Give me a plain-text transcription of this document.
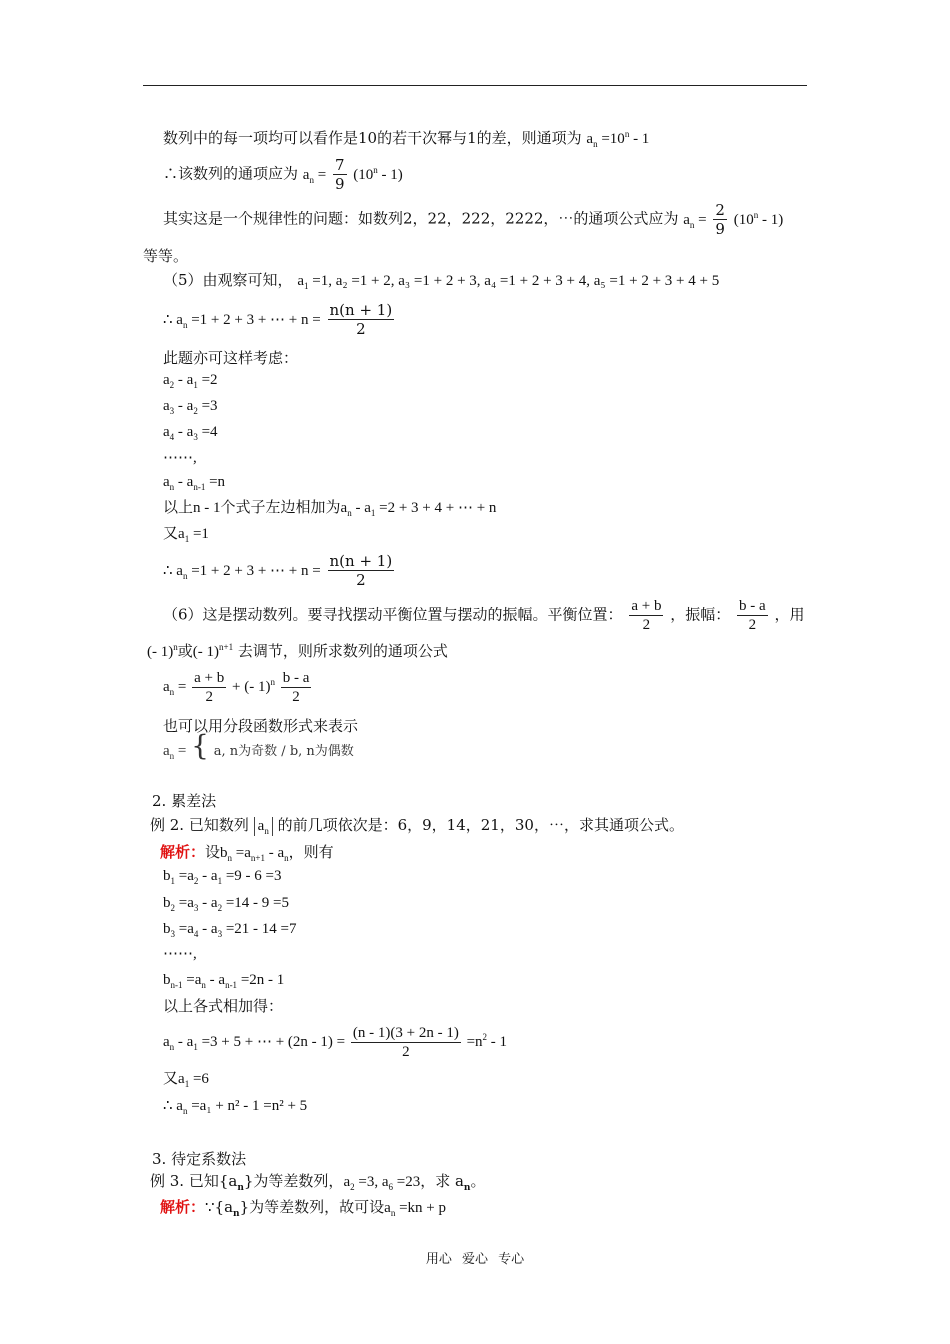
数列中的每一项均可以看作是10的若干次幂与1的差，则通项为 $a_n =10^n - 1$
∴该数列的通项应为 $a_n = \frac{7}{9} (10^n - 1)$
其实这是一个规律性的问题：如数列2，22，222，2222，⋯的通项公式应为 $a_n = \frac{2}{9} (10^n - 1)$
等等。
（5）由观察可知， $a_1 =1$, a₂ =1 + 2, a₃ =1 + 2 + 3, a₄ =1 + 2 + 3 + 4, a₅ =1 + 2 + 3 + 4 + 5
∴ $a_n =1 + 2 + 3$ + ⋯ + $n = \frac{n(n + 1)}{2}$
此题亦可这样考虑：
$a_2 - a_1 =2$
$a_3 - a_2 =3$
$a_4 - a_3 =4$
⋯⋯,
$a_n - a_{n-1} =n$
以上n - 1个式子左边相加为$a_n - a_1 =2 + 3 + 4$ + ⋯ + n
又$a_1 =1$
∴ $a_n =1 + 2 + 3$ + ⋯ + $n = \frac{n(n + 1)}{2}$
（6）这是摆动数列。要寻找摆动平衡位置与摆动的振幅。平衡位置： $\frac{a + b}{2}$ ，振幅： $\frac{b - a}{2}$ ，用
(- 1)$^n$或(- 1)$^{n+1}$ 去调节，则所求数列的通项公式
$a_n = \frac{a + b}{2}$ + (- $1)^n \frac{b - a}{2}$
也可以用分段函数形式来表示
$a_n$ = { a, n为奇数 / b, n为偶数
2. 累差法
例 2. 已知数列 $a_n$ 的前几项依次是：6，9，14，21，30，⋯，求其通项公式。
解析：设$b_n =a_{n+1} - a_n$，则有
$b_1 =a_2 - a_1 =9 - 6 =3$
$b_2 =a_3 - a_2 =14 - 9 =5$
$b_3 =a_4 - a_3 =21 - 14 =7$
⋯⋯,
$b_{n-1} =a_n - a_{n-1} =2n - 1$
以上各式相加得：
$a_n - a_1 =3 + 5$ + ⋯ + $(2n - 1) = \frac{(n - 1)(3 + 2n - 1)}{2} =n^2 - 1$
又$a_1 =6$
∴ $a_n =a_1 + n^2 - 1 =n^2 + 5$
3. 待定系数法
例 3. 已知$\{a_n\}$为等差数列，$a_2 =3$, $a_6 =23$，求 $a_n$。
解析：$\because\{a_n\}$为等差数列，故可设$a_n =kn + p$
用心 爱心 专心
